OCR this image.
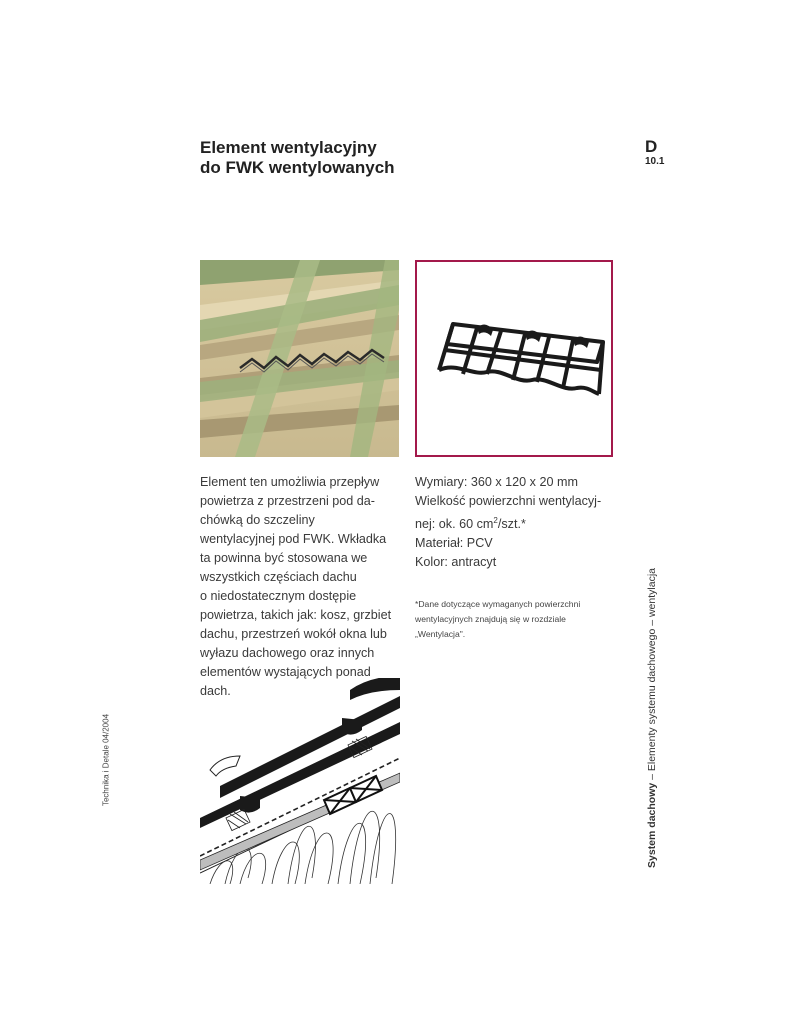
Element wentylacyjny
do FWK wentylowanych
D
10.1

Element ten umożliwia przepływ

powietrza z przestrzeni pod da-

chówką do szczeliny

wentylacyjnej pod FWK. Wkładka

ta powinna być stosowana we

wszystkich częściach dachu

o niedostatecznym dostępie

powietrza, takich jak: kosz, grzbiet

dachu, przestrzeń wokół okna lub

wyłazu dachowego oraz innych

elementów wystających ponad

dach.

Wymiary: 360 x 120 x 20 mm
Wielkość powierzchni wentylacyj-
nej: ok. 60 $cm^2/szt.*$
Materiał: PCV
Kolor: antracyt
*Dane dotyczące wymaganych powierzchni
wentylacyjnych znajdują się w rozdziale
„Wentylacja".
Technika i Detale 04/2004
System dachowy – Elementy systemu dachowego – wentylacja
